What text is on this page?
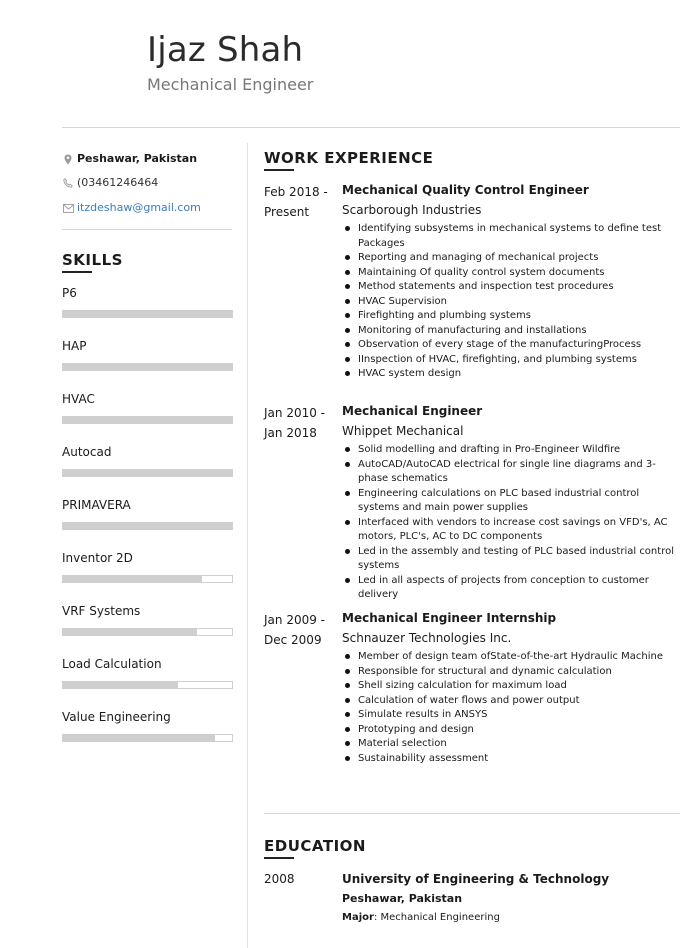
Ijaz Shah
Mechanical Engineer
Peshawar, Pakistan
(03461246464
itzdeshaw@gmail.com
SKILLS
P6
HAP
HVAC
Autocad
PRIMAVERA
Inventor 2D
VRF Systems
Load Calculation
Value Engineering
WORK EXPERIENCE
Feb 2018 -
Present
Mechanical Quality Control Engineer
Scarborough Industries
Identifying subsystems in mechanical systems to define test Packages
Reporting and managing of mechanical projects
Maintaining Of quality control system documents
Method statements and inspection test procedures
HVAC Supervision
Firefighting and plumbing systems
Monitoring of manufacturing and installations
Observation of every stage of the manufacturingProcess
IInspection of HVAC, firefighting, and plumbing systems
HVAC system design
Jan 2010 -
Jan 2018
Mechanical Engineer
Whippet Mechanical
Solid modelling and drafting in Pro-Engineer Wildfire
AutoCAD/AutoCAD electrical for single line diagrams and 3-phase schematics
Engineering calculations on PLC based industrial control systems and main power supplies
Interfaced with vendors to increase cost savings on VFD's, AC motors, PLC's, AC to DC components
Led in the assembly and testing of PLC based industrial control systems
Led in all aspects of projects from conception to customer delivery
Jan 2009 -
Dec 2009
Mechanical Engineer Internship
Schnauzer Technologies Inc.
Member of design team ofState-of-the-art Hydraulic Machine
Responsible for structural and dynamic calculation
Shell sizing calculation for maximum load
Calculation of water flows and power output
Simulate results in ANSYS
Prototyping and design
Material selection
Sustainability assessment
EDUCATION
2008	University of Engineering & Technology
Peshawar, Pakistan
Major: Mechanical Engineering
